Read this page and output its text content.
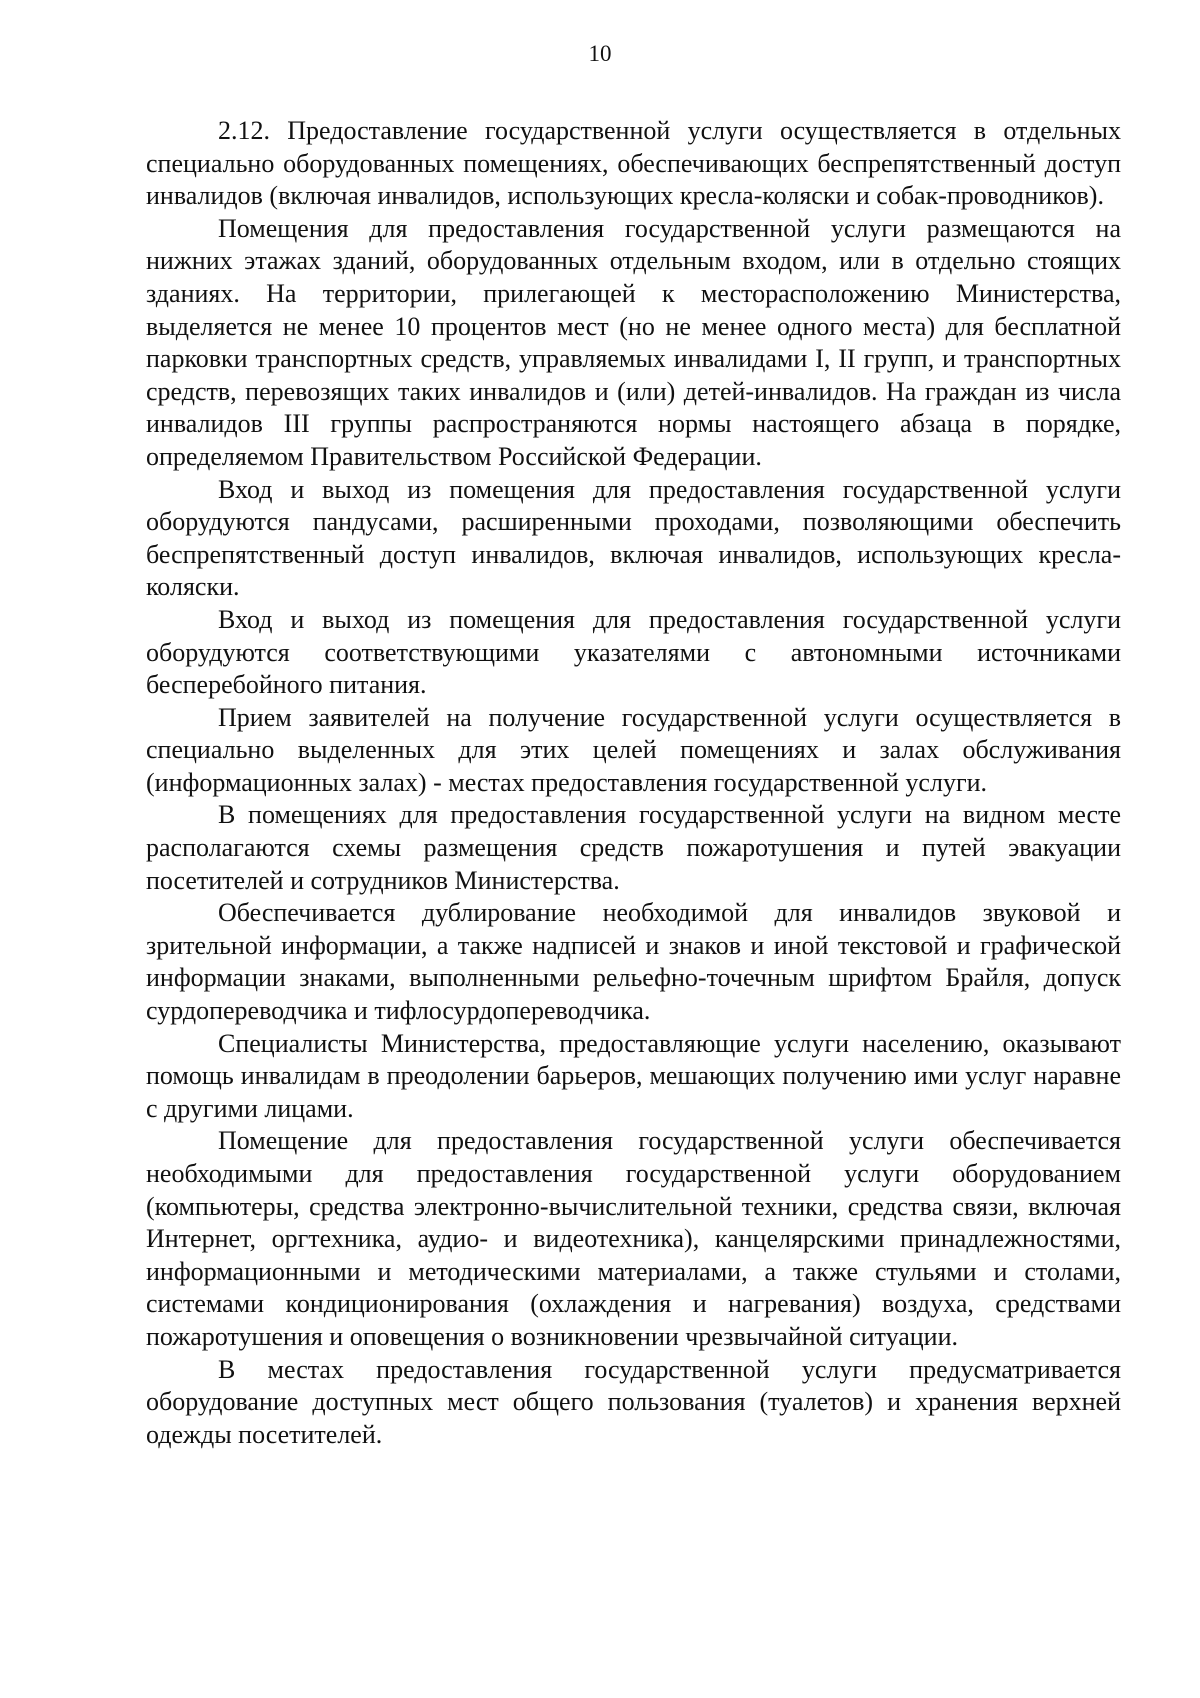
10

2.12. Предоставление государственной услуги осуществляется в отдельных специально оборудованных помещениях, обеспечивающих беспрепятственный доступ инвалидов (включая инвалидов, использующих кресла-коляски и собак-проводников).

Помещения для предоставления государственной услуги размещаются на нижних этажах зданий, оборудованных отдельным входом, или в отдельно стоящих зданиях. На территории, прилегающей к месторасположению Министерства, выделяется не менее 10 процентов мест (но не менее одного места) для бесплатной парковки транспортных средств, управляемых инвалидами I, II групп, и транспортных средств, перевозящих таких инвалидов и (или) детей-инвалидов. На граждан из числа инвалидов III группы распространяются нормы настоящего абзаца в порядке, определяемом Правительством Российской Федерации.

Вход и выход из помещения для предоставления государственной услуги оборудуются пандусами, расширенными проходами, позволяющими обеспечить беспрепятственный доступ инвалидов, включая инвалидов, использующих кресла-коляски.

Вход и выход из помещения для предоставления государственной услуги оборудуются соответствующими указателями с автономными источниками бесперебойного питания.

Прием заявителей на получение государственной услуги осуществляется в специально выделенных для этих целей помещениях и залах обслуживания (информационных залах) - местах предоставления государственной услуги.

В помещениях для предоставления государственной услуги на видном месте располагаются схемы размещения средств пожаротушения и путей эвакуации посетителей и сотрудников Министерства.

Обеспечивается дублирование необходимой для инвалидов звуковой и зрительной информации, а также надписей и знаков и иной текстовой и графической информации знаками, выполненными рельефно-точечным шрифтом Брайля, допуск сурдопереводчика и тифлосурдопереводчика.

Специалисты Министерства, предоставляющие услуги населению, оказывают помощь инвалидам в преодолении барьеров, мешающих получению ими услуг наравне с другими лицами.

Помещение для предоставления государственной услуги обеспечивается необходимыми для предоставления государственной услуги оборудованием (компьютеры, средства электронно-вычислительной техники, средства связи, включая Интернет, оргтехника, аудио- и видеотехника), канцелярскими принадлежностями, информационными и методическими материалами, а также стульями и столами, системами кондиционирования (охлаждения и нагревания) воздуха, средствами пожаротушения и оповещения о возникновении чрезвычайной ситуации.

В местах предоставления государственной услуги предусматривается оборудование доступных мест общего пользования (туалетов) и хранения верхней одежды посетителей.
